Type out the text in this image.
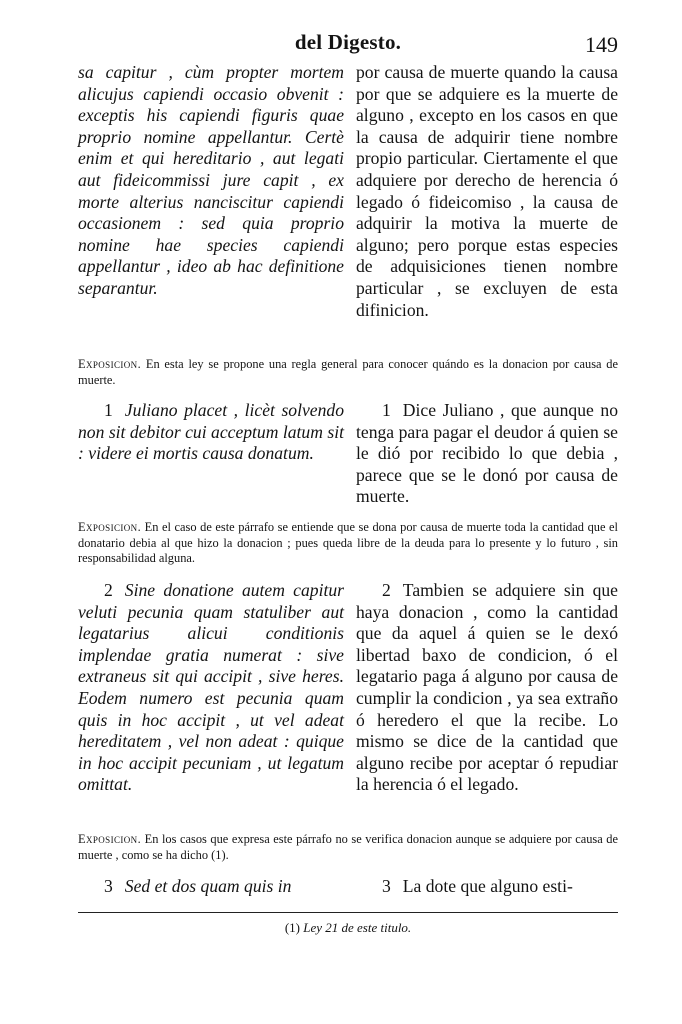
del Digesto.	149
sa capitur , cùm propter mortem alicujus capiendi occasio obvenit : exceptis his capiendi figuris quae proprio nomine appellantur. Certè enim et qui hereditario , aut legati aut fideicommissi jure capit , ex morte alterius nanciscitur capiendi occasionem : sed quia proprio nomine hae species capiendi appellantur , ideo ab hac definitione separantur.
por causa de muerte quando la causa por que se adquiere es la muerte de alguno , excepto en los casos en que la causa de adquirir tiene nombre propio particular. Ciertamente el que adquiere por derecho de herencia ó legado ó fideicomiso , la causa de adquirir la motiva la muerte de alguno; pero porque estas especies de adquisiciones tienen nombre particular , se excluyen de esta difinicion.
Exposicion. En esta ley se propone una regla general para conocer quándo es la donacion por causa de muerte.
1 Juliano placet , licèt solvendo non sit debitor cui acceptum latum sit : videre ei mortis causa donatum.
1 Dice Juliano , que aunque no tenga para pagar el deudor á quien se le dió por recibido lo que debia , parece que se le donó por causa de muerte.
Exposicion. En el caso de este párrafo se entiende que se dona por causa de muerte toda la cantidad que el donatario debia al que hizo la donacion ; pues queda libre de la deuda para lo presente y lo futuro , sin responsabilidad alguna.
2 Sine donatione autem capitur veluti pecunia quam statuliber aut legatarius alicui conditionis implendae gratia numerat : sive extraneus sit qui accipit , sive heres. Eodem numero est pecunia quam quis in hoc accipit , ut vel adeat hereditatem , vel non adeat : quique in hoc accipit pecuniam , ut legatum omittat.
2 Tambien se adquiere sin que haya donacion , como la cantidad que da aquel á quien se le dexó libertad baxo de condicion, ó el legatario paga á alguno por causa de cumplir la condicion , ya sea extraño ó heredero el que la recibe. Lo mismo se dice de la cantidad que alguno recibe por aceptar ó repudiar la herencia ó el legado.
Exposicion. En los casos que expresa este párrafo no se verifica donacion aunque se adquiere por causa de muerte , como se ha dicho (1).
3 Sed et dos quam quis in	3 La dote que alguno esti-
(1) Ley 21 de este titulo.
